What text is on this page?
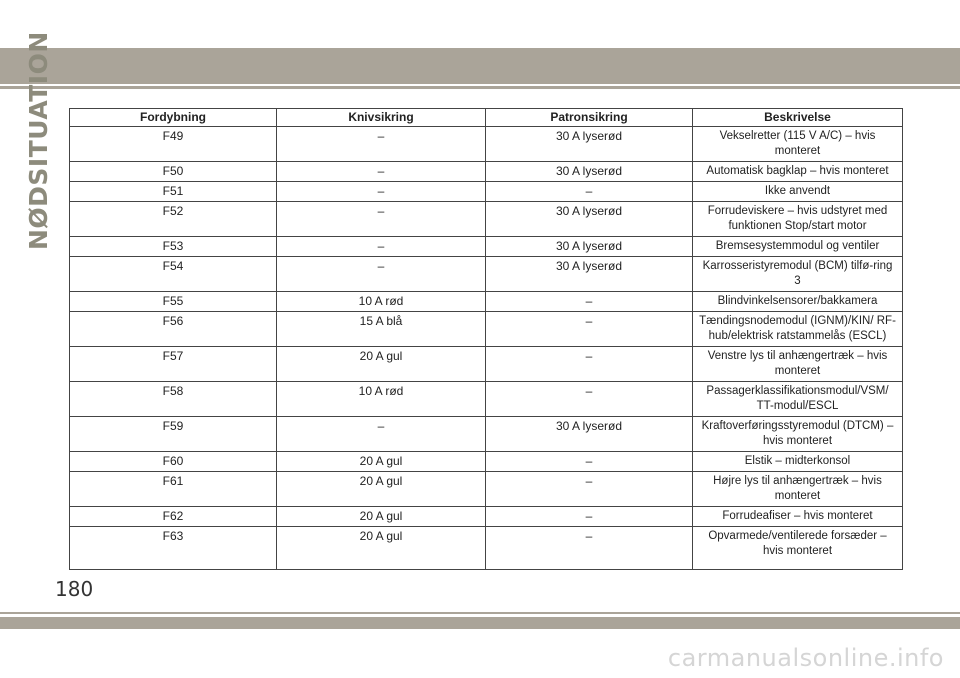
NØDSITUATION	Fordybning	Knivsikring	Patronsikring	Beskrivelse
F49	–	30 A lyserød	Vekselretter (115 V A/C) – hvis monteret
F50	–	30 A lyserød	Automatisk bagklap – hvis monteret
F51	–	–	Ikke anvendt
F52	–	30 A lyserød	Forrudeviskere – hvis udstyret med funktionen Stop/start motor
F53	–	30 A lyserød	Bremsesystemmodul og ventiler
F54	–	30 A lyserød	Karrosseristyremodul (BCM) tilfø-ring 3
F55	10 A rød	–	Blindvinkelsensorer/bakkamera
F56	15 A blå	–	Tændingsnodemodul (IGNM)/KIN/ RF-hub/elektrisk ratstammelås (ESCL)
F57	20 A gul	–	Venstre lys til anhængertræk – hvis monteret
F58	10 A rød	–	Passagerklassifikationsmodul/VSM/ TT-modul/ESCL
F59	–	30 A lyserød	Kraftoverføringsstyremodul (DTCM) – hvis monteret
F60	20 A gul	–	Elstik – midterkonsol
F61	20 A gul	–	Højre lys til anhængertræk – hvis monteret
F62	20 A gul	–	Forrudeafiser – hvis monteret
F63	20 A gul	–	Opvarmede/ventilerede forsæder – hvis monteret
180
carmanualsonline.info
